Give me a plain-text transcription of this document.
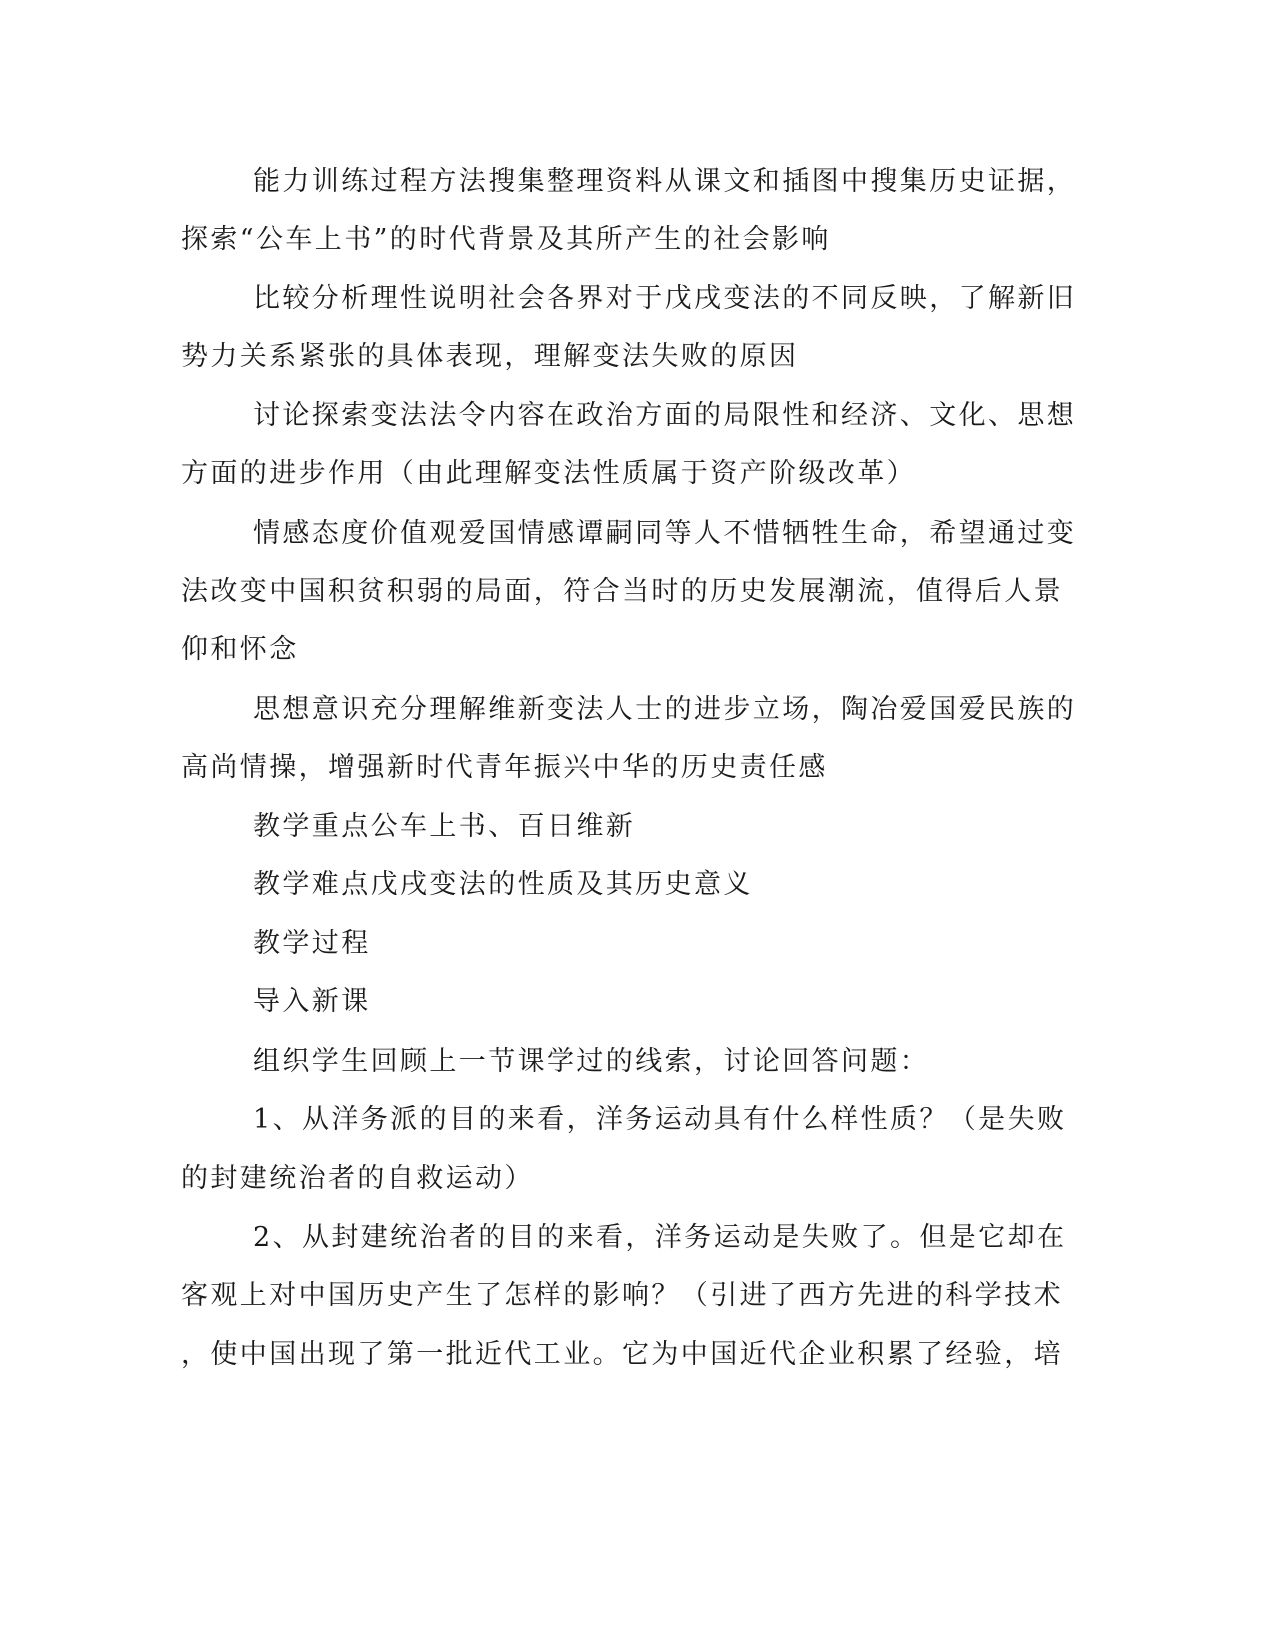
能力训练过程方法搜集整理资料从课文和插图中搜集历史证据，
探索“公车上书”的时代背景及其所产生的社会影响
比较分析理性说明社会各界对于戊戌变法的不同反映，了解新旧
势力关系紧张的具体表现，理解变法失败的原因
讨论探索变法法令内容在政治方面的局限性和经济、文化、思想
方面的进步作用（由此理解变法性质属于资产阶级改革）
情感态度价值观爱国情感谭嗣同等人不惜牺牲生命，希望通过变
法改变中国积贫积弱的局面，符合当时的历史发展潮流，值得后人景
仰和怀念
思想意识充分理解维新变法人士的进步立场，陶冶爱国爱民族的
高尚情操，增强新时代青年振兴中华的历史责任感
教学重点公车上书、百日维新
教学难点戊戌变法的性质及其历史意义
教学过程
导入新课
组织学生回顾上一节课学过的线索，讨论回答问题：
1、从洋务派的目的来看，洋务运动具有什么样性质？（是失败
的封建统治者的自救运动）
2、从封建统治者的目的来看，洋务运动是失败了。但是它却在
客观上对中国历史产生了怎样的影响？（引进了西方先进的科学技术
，使中国出现了第一批近代工业。它为中国近代企业积累了经验，培
